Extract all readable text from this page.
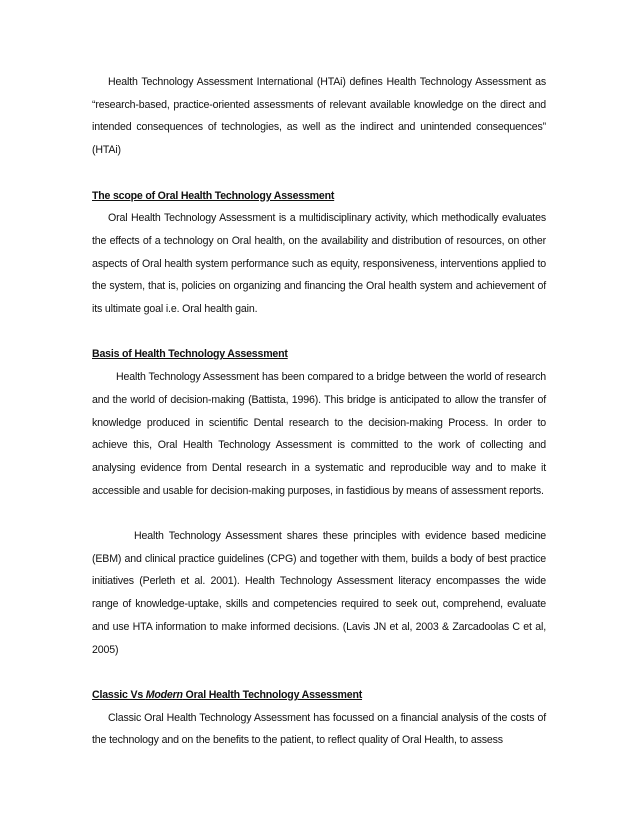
Health Technology Assessment International (HTAi) defines Health Technology Assessment as “research-based, practice-oriented assessments of relevant available knowledge on the direct and intended consequences of technologies, as well as the indirect and unintended consequences” (HTAi)

The scope of Oral Health Technology Assessment

Oral Health Technology Assessment is a multidisciplinary activity, which methodically evaluates the effects of a technology on Oral health, on the availability and distribution of resources, on other aspects of Oral health system performance such as equity, responsiveness, interventions applied to the system, that is, policies on organizing and financing the Oral health system and achievement of its ultimate goal i.e. Oral health gain.

Basis of Health Technology Assessment

Health Technology Assessment has been compared to a bridge between the world of research and the world of decision-making (Battista, 1996). This bridge is anticipated to allow the transfer of knowledge produced in scientific Dental research to the decision-making Process. In order to achieve this, Oral Health Technology Assessment is committed to the work of collecting and analysing evidence from Dental research in a systematic and reproducible way and to make it accessible and usable for decision-making purposes, in fastidious by means of assessment reports.

Health Technology Assessment shares these principles with evidence based medicine (EBM) and clinical practice guidelines (CPG) and together with them, builds a body of best practice initiatives (Perleth et al. 2001). Health Technology Assessment literacy encompasses the wide range of knowledge-uptake, skills and competencies required to seek out, comprehend, evaluate and use HTA information to make informed decisions. (Lavis JN et al, 2003 & Zarcadoolas C et al, 2005)

Classic Vs Modern Oral Health Technology Assessment

Classic Oral Health Technology Assessment has focussed on a financial analysis of the costs of the technology and on the benefits to the patient, to reflect quality of Oral Health, to assess
